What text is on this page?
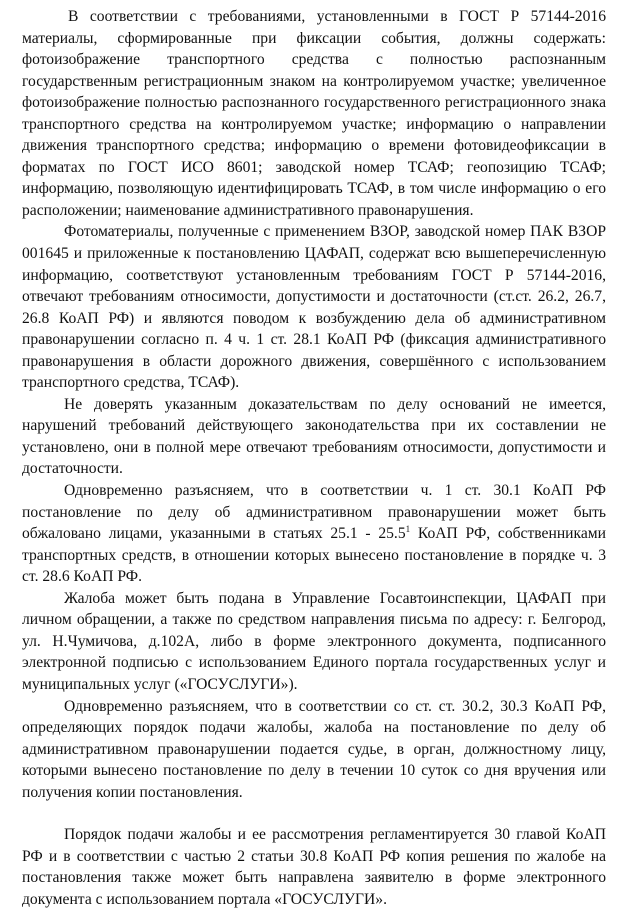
В соответствии с требованиями, установленными в ГОСТ Р 57144-2016 материалы, сформированные при фиксации события, должны содержать: фотоизображение транспортного средства с полностью распознанным государственным регистрационным знаком на контролируемом участке; увеличенное фотоизображение полностью распознанного государственного регистрационного знака транспортного средства на контролируемом участке; информацию о направлении движения транспортного средства; информацию о времени фотовидеофиксации в форматах по ГОСТ ИСО 8601; заводской номер ТСАФ; геопозицию ТСАФ; информацию, позволяющую идентифицировать ТСАФ, в том числе информацию о его расположении; наименование административного правонарушения.

Фотоматериалы, полученные с применением ВЗОР, заводской номер ПАК ВЗОР 001645 и приложенные к постановлению ЦАФАП, содержат всю вышеперечисленную информацию, соответствуют установленным требованиям ГОСТ Р 57144-2016, отвечают требованиям относимости, допустимости и достаточности (ст.ст. 26.2, 26.7, 26.8 КоАП РФ) и являются поводом к возбуждению дела об административном правонарушении согласно п. 4 ч. 1 ст. 28.1 КоАП РФ (фиксация административного правонарушения в области дорожного движения, совершённого с использованием транспортного средства, ТСАФ).

Не доверять указанным доказательствам по делу оснований не имеется, нарушений требований действующего законодательства при их составлении не установлено, они в полной мере отвечают требованиям относимости, допустимости и достаточности.

Одновременно разъясняем, что в соответствии ч. 1 ст. 30.1 КоАП РФ постановление по делу об административном правонарушении может быть обжаловано лицами, указанными в статьях 25.1 - 25.5$^1$ КоАП РФ, собственниками транспортных средств, в отношении которых вынесено постановление в порядке ч. 3 ст. 28.6 КоАП РФ.

Жалоба может быть подана в Управление Госавтоинспекции, ЦАФАП при личном обращении, а также по средством направления письма по адресу: г. Белгород, ул. Н.Чумичова, д.102А, либо в форме электронного документа, подписанного электронной подписью с использованием Единого портала государственных услуг и муниципальных услуг («ГОСУСЛУГИ»).

Одновременно разъясняем, что в соответствии со ст. ст. 30.2, 30.3 КоАП РФ, определяющих порядок подачи жалобы, жалоба на постановление по делу об административном правонарушении подается судье, в орган, должностному лицу, которыми вынесено постановление по делу в течении 10 суток со дня вручения или получения копии постановления.

Порядок подачи жалобы и ее рассмотрения регламентируется 30 главой КоАП РФ и в соответствии с частью 2 статьи 30.8 КоАП РФ копия решения по жалобе на постановления также может быть направлена заявителю в форме электронного документа с использованием портала «ГОСУСЛУГИ».
